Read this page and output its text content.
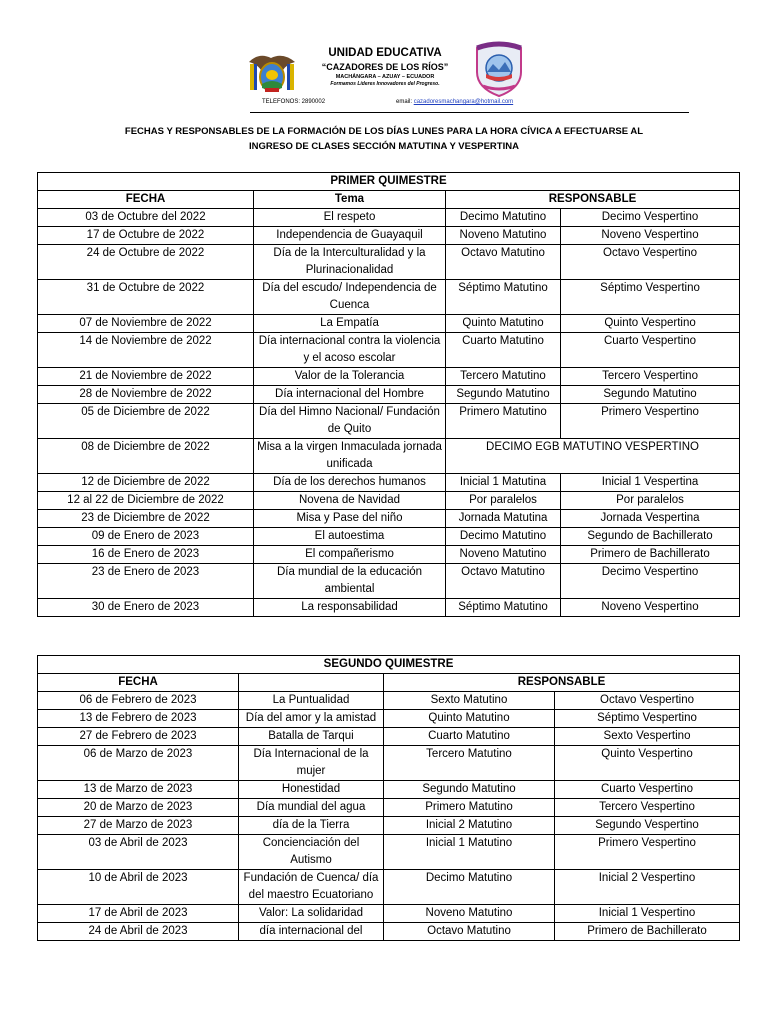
UNIDAD EDUCATIVA
“CAZADORES DE LOS RÍOS”
MACHÁNGARA – AZUAY – ECUADOR
Formamos Líderes Innovadores del Progreso.
TELEFONOS: 2890002	email: cazadoresmachangara@hotmail.com
FECHAS Y RESPONSABLES DE LA FORMACIÓN DE LOS DÍAS LUNES PARA LA HORA CÍVICA A EFECTUARSE AL
INGRESO DE CLASES SECCIÓN MATUTINA Y VESPERTINA
PRIMER QUIMESTRE			
FECHA	Tema	RESPONSABLE	
03 de Octubre del 2022	El respeto	Decimo Matutino	Decimo Vespertino
17 de Octubre de 2022	Independencia de Guayaquil	Noveno Matutino	Noveno Vespertino
24 de Octubre de 2022	Día de la Interculturalidad y la Plurinacionalidad	Octavo Matutino	Octavo Vespertino
31 de Octubre de 2022	Día del escudo/ Independencia de Cuenca	Séptimo Matutino	Séptimo Vespertino
07 de Noviembre de 2022	La Empatía	Quinto Matutino	Quinto Vespertino
14 de Noviembre de 2022	Día internacional contra la violencia y el acoso escolar	Cuarto Matutino	Cuarto Vespertino
21 de Noviembre de 2022	Valor de la Tolerancia	Tercero Matutino	Tercero Vespertino
28 de Noviembre de 2022	Día internacional del Hombre	Segundo Matutino	Segundo Matutino
05 de Diciembre de 2022	Día del Himno Nacional/ Fundación de Quito	Primero Matutino	Primero Vespertino
08 de Diciembre de 2022	Misa a la virgen Inmaculada jornada unificada	DECIMO EGB MATUTINO VESPERTINO	
12 de Diciembre de 2022	Día de los derechos humanos	Inicial 1 Matutina	Inicial 1 Vespertina
12 al 22 de Diciembre de 2022	Novena de Navidad	Por paralelos	Por paralelos
23 de Diciembre de 2022	Misa y Pase del niño	Jornada Matutina	Jornada Vespertina
09 de Enero de 2023	El autoestima	Decimo Matutino	Segundo de Bachillerato
16 de Enero de 2023	El compañerismo	Noveno Matutino	Primero de Bachillerato
23 de Enero de 2023	Día mundial de la educación ambiental	Octavo Matutino	Decimo Vespertino
30 de Enero de 2023	La responsabilidad	Séptimo Matutino	Noveno Vespertino
SEGUNDO QUIMESTRE			
FECHA		RESPONSABLE	
06 de Febrero de 2023	La Puntualidad	Sexto Matutino	Octavo Vespertino
13 de Febrero de 2023	Día del amor y la amistad	Quinto Matutino	Séptimo Vespertino
27 de Febrero de 2023	Batalla de Tarqui	Cuarto Matutino	Sexto Vespertino
06 de Marzo de 2023	Día Internacional de la mujer	Tercero Matutino	Quinto Vespertino
13 de Marzo de 2023	Honestidad	Segundo Matutino	Cuarto Vespertino
20 de Marzo de 2023	Día mundial del agua	Primero Matutino	Tercero Vespertino
27 de Marzo de 2023	día de la Tierra	Inicial 2 Matutino	Segundo Vespertino
03 de Abril de 2023	Concienciación del Autismo	Inicial 1 Matutino	Primero Vespertino
10 de Abril de 2023	Fundación de Cuenca/ día del maestro Ecuatoriano	Decimo Matutino	Inicial 2 Vespertino
17 de Abril de 2023	Valor: La solidaridad	Noveno Matutino	Inicial 1 Vespertino
24 de Abril de 2023	día internacional del	Octavo Matutino	Primero de Bachillerato
